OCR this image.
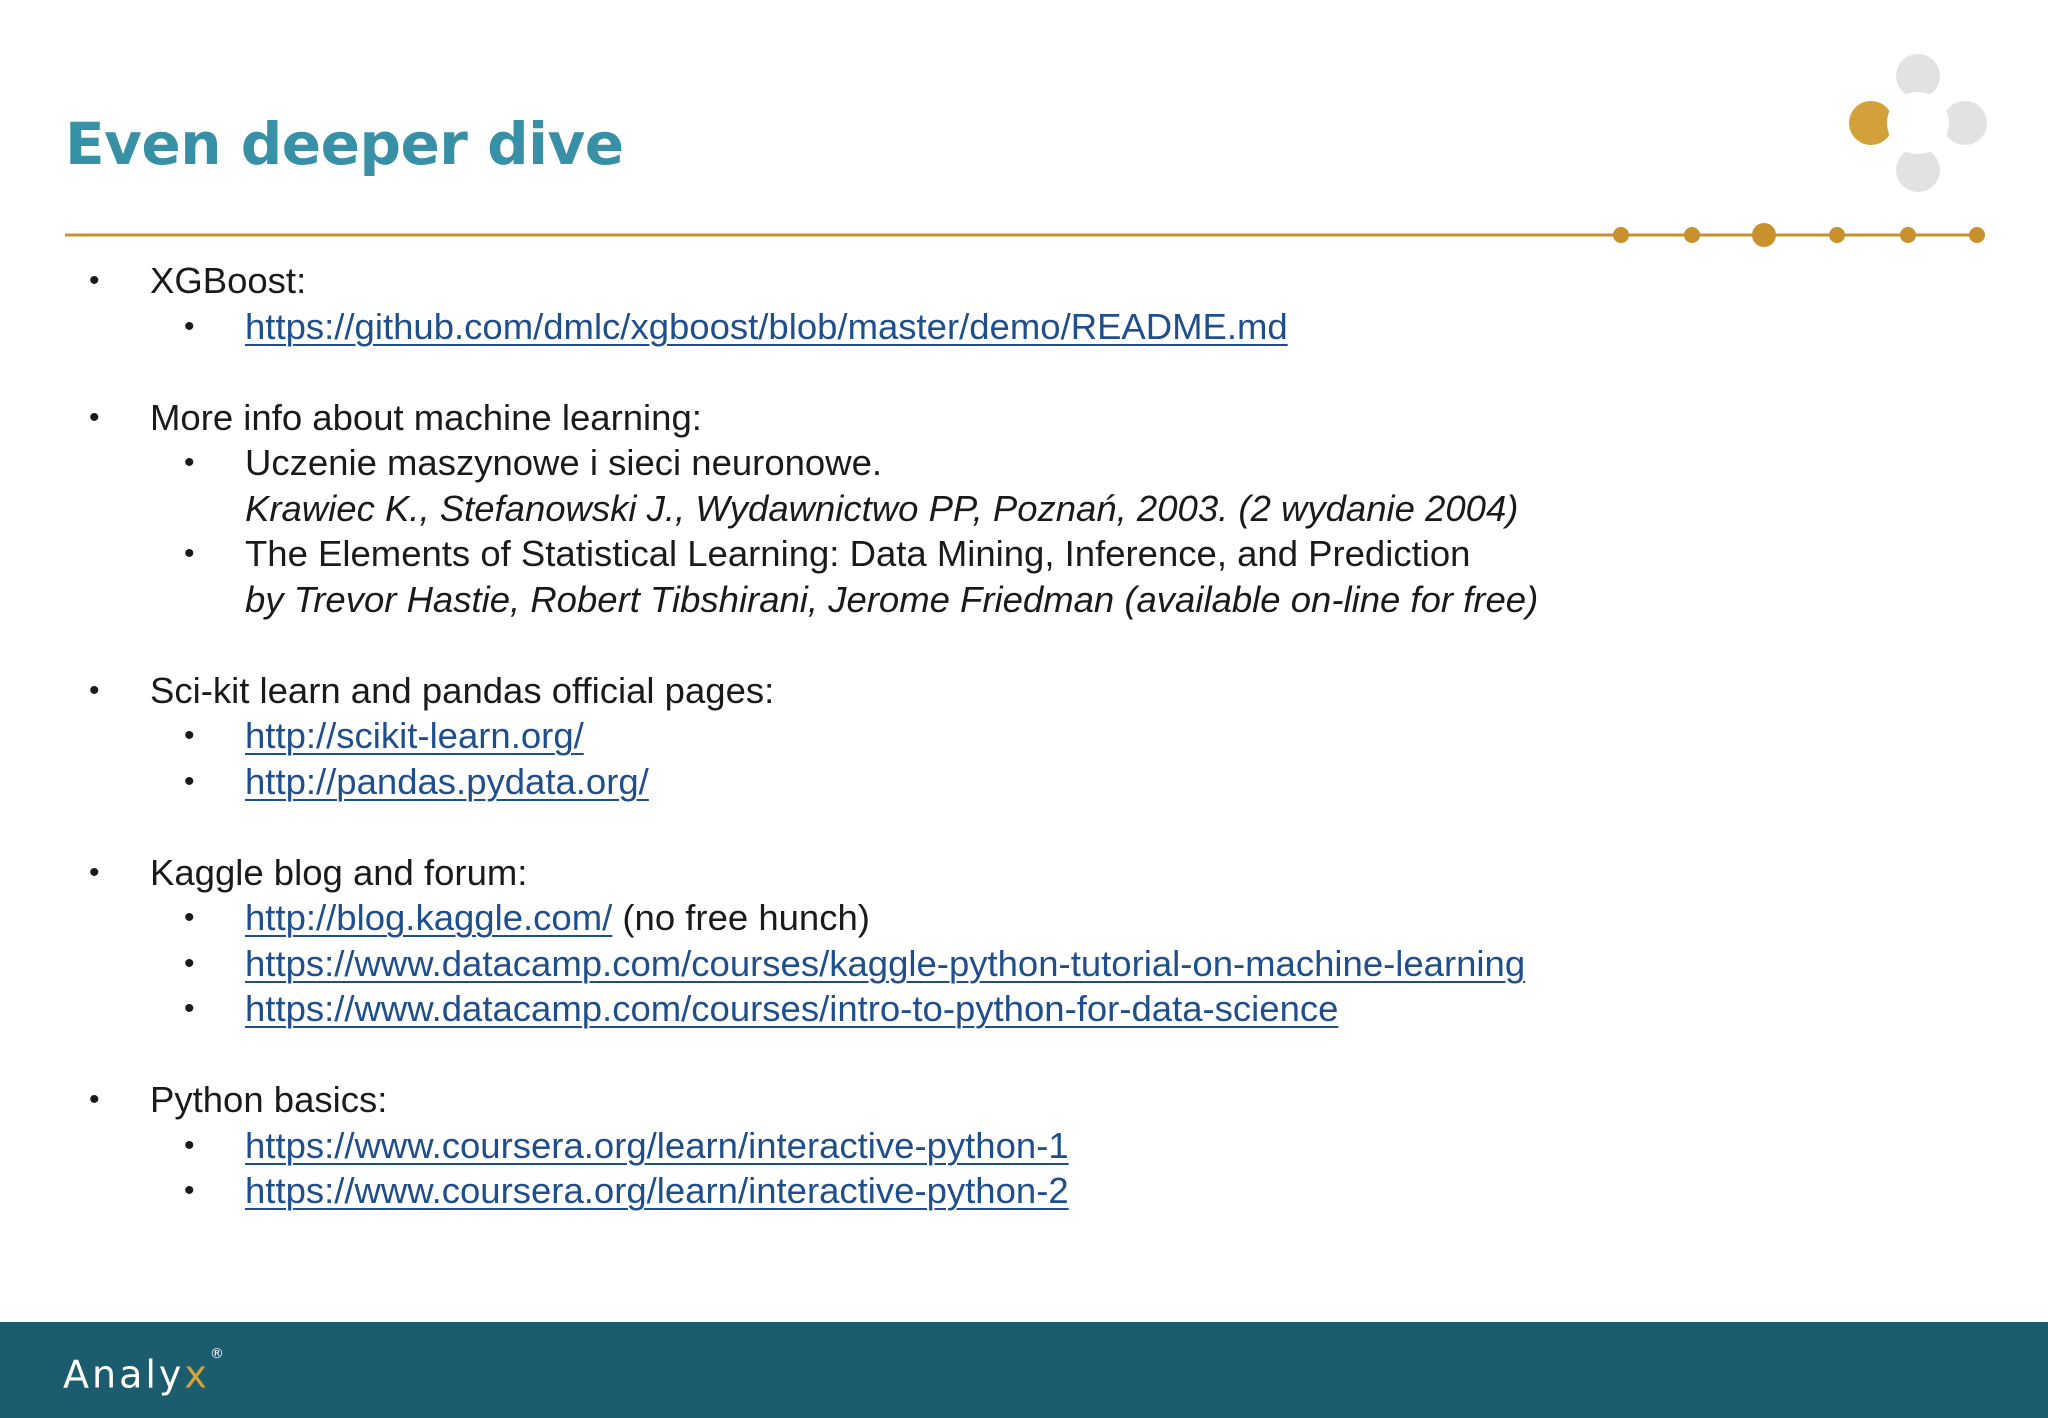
Even deeper dive
• XGBoost:
• https://github.com/dmlc/xgboost/blob/master/demo/README.md
• More info about machine learning:
• Uczenie maszynowe i sieci neuronowe.
Krawiec K., Stefanowski J., Wydawnictwo PP, Poznań, 2003. (2 wydanie 2004)
• The Elements of Statistical Learning: Data Mining, Inference, and Prediction
by Trevor Hastie, Robert Tibshirani, Jerome Friedman (available on-line for free)
• Sci-kit learn and pandas official pages:
• http://scikit-learn.org/
• http://pandas.pydata.org/
• Kaggle blog and forum:
• http://blog.kaggle.com/ (no free hunch)
• https://www.datacamp.com/courses/kaggle-python-tutorial-on-machine-learning
• https://www.datacamp.com/courses/intro-to-python-for-data-science
• Python basics:
• https://www.coursera.org/learn/interactive-python-1
• https://www.coursera.org/learn/interactive-python-2
Analyx®
